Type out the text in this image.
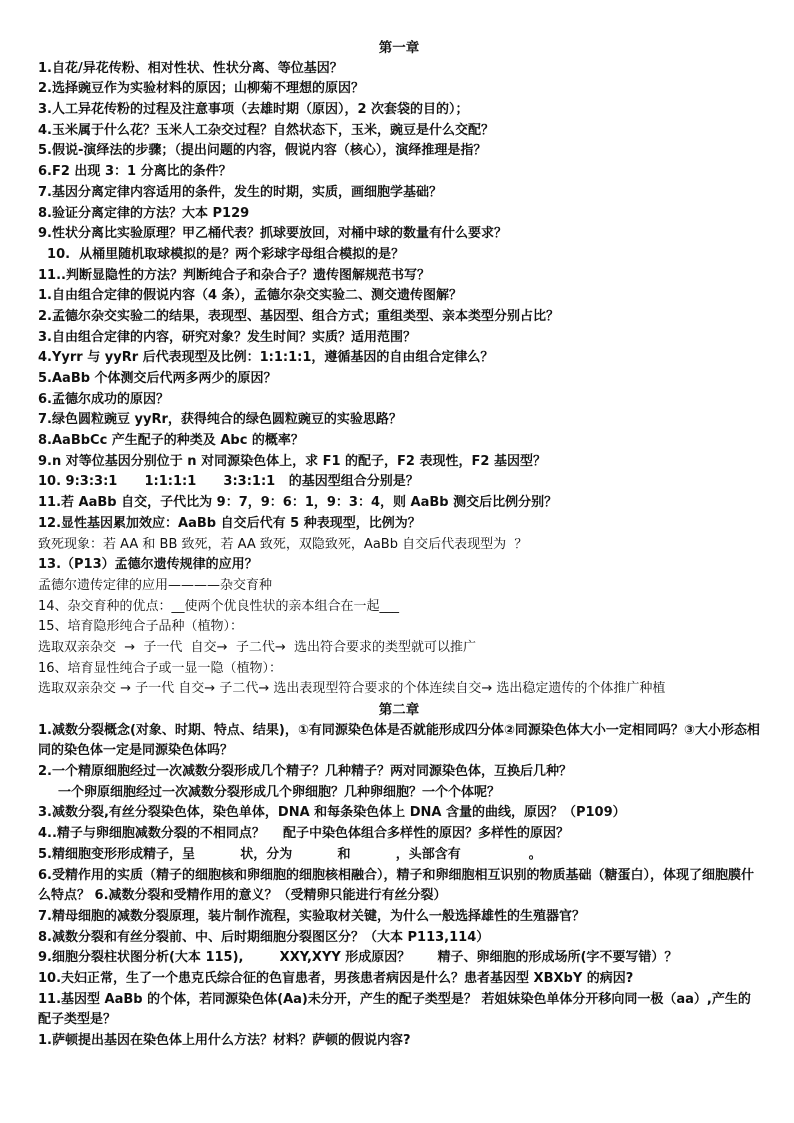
第一章
1.自花/异花传粉、相对性状、性状分离、等位基因？
2.选择豌豆作为实验材料的原因；山柳菊不理想的原因？
3.人工异花传粉的过程及注意事项（去雄时期（原因），2 次套袋的目的）；
4.玉米属于什么花？玉米人工杂交过程？自然状态下，玉米，豌豆是什么交配？
5.假说-演绎法的步骤；（提出问题的内容，假说内容（核心），演绎推理是指？
6.F2 出现 3：1 分离比的条件？
7.基因分离定律内容适用的条件，发生的时期，实质，画细胞学基础？
8.验证分离定律的方法？大本 P129
9.性状分离比实验原理？甲乙桶代表？抓球要放回，对桶中球的数量有什么要求？
10.  从桶里随机取球模拟的是？两个彩球字母组合模拟的是？
11..判断显隐性的方法？判断纯合子和杂合子？遗传图解规范书写？
1.自由组合定律的假说内容（4 条），孟德尔杂交实验二、测交遗传图解？
2.孟德尔杂交实验二的结果，表现型、基因型、组合方式；重组类型、亲本类型分别占比？
3.自由组合定律的内容，研究对象？发生时间？实质？适用范围？
4.Yyrr 与 yyRr 后代表现型及比例：1:1:1:1，遵循基因的自由组合定律么？
5.AaBb 个体测交后代两多两少的原因？
6.孟德尔成功的原因？
7.绿色圆粒豌豆 yyRr，获得纯合的绿色圆粒豌豆的实验思路？
8.AaBbCc 产生配子的种类及 Abc 的概率？
9.n 对等位基因分别位于 n 对同源染色体上，求 F1 的配子，F2 表现性，F2 基因型？
10. 9:3:3:1      1:1:1:1      3:3:1:1   的基因型组合分别是？
11.若 AaBb 自交，子代比为 9：7，9：6：1，9：3：4，则 AaBb 测交后比例分别？
12.显性基因累加效应：AaBb 自交后代有 5 种表现型，比例为？
致死现象：若 AA 和 BB 致死，若 AA 致死，双隐致死，AaBb 自交后代表现型为  ？
13.（P13）孟德尔遗传规律的应用？
孟德尔遗传定律的应用————杂交育种
14、杂交育种的优点：__使两个优良性状的亲本组合在一起___
15、培育隐形纯合子品种（植物）：
选取双亲杂交  →  子一代  自交→  子二代→  选出符合要求的类型就可以推广
16、培育显性纯合子或一显一隐（植物）：
选取双亲杂交 → 子一代 自交→ 子二代→ 选出表现型符合要求的个体连续自交→ 选出稳定遗传的个体推广种植
第二章
1.减数分裂概念(对象、时期、特点、结果)，①有同源染色体是否就能形成四分体②同源染色体大小一定相同吗？③大小形态相同的染色体一定是同源染色体吗？
2.一个精原细胞经过一次减数分裂形成几个精子？几种精子？两对同源染色体，互换后几种？
一个卵原细胞经过一次减数分裂形成几个卵细胞？几种卵细胞？一个个体呢？
3.减数分裂,有丝分裂染色体，染色单体，DNA 和每条染色体上 DNA 含量的曲线，原因？（P109）
4..精子与卵细胞减数分裂的不相同点？    配子中染色体组合多样性的原因？多样性的原因？
5.精细胞变形形成精子，呈          状，分为          和          ，头部含有               。
6.受精作用的实质（精子的细胞核和卵细胞的细胞核相融合），精子和卵细胞相互识别的物质基础（糖蛋白），体现了细胞膜什么特点？ 6.减数分裂和受精作用的意义？（受精卵只能进行有丝分裂）
7.精母细胞的减数分裂原理，装片制作流程，实验取材关键，为什么一般选择雄性的生殖器官？
8.减数分裂和有丝分裂前、中、后时期细胞分裂图区分？（大本 P113,114）
9.细胞分裂柱状图分析(大本 115),        XXY,XYY 形成原因？      精子、卵细胞的形成场所(字不要写错）？
10.夫妇正常，生了一个患克氏综合征的色盲患者，男孩患者病因是什么？患者基因型 XBXbY 的病因?
11.基因型 AaBb 的个体，若同源染色体(Aa)未分开，产生的配子类型是？ 若姐妹染色单体分开移向同一极（aa）,产生的配子类型是？
1.萨顿提出基因在染色体上用什么方法？材料？萨顿的假说内容?
